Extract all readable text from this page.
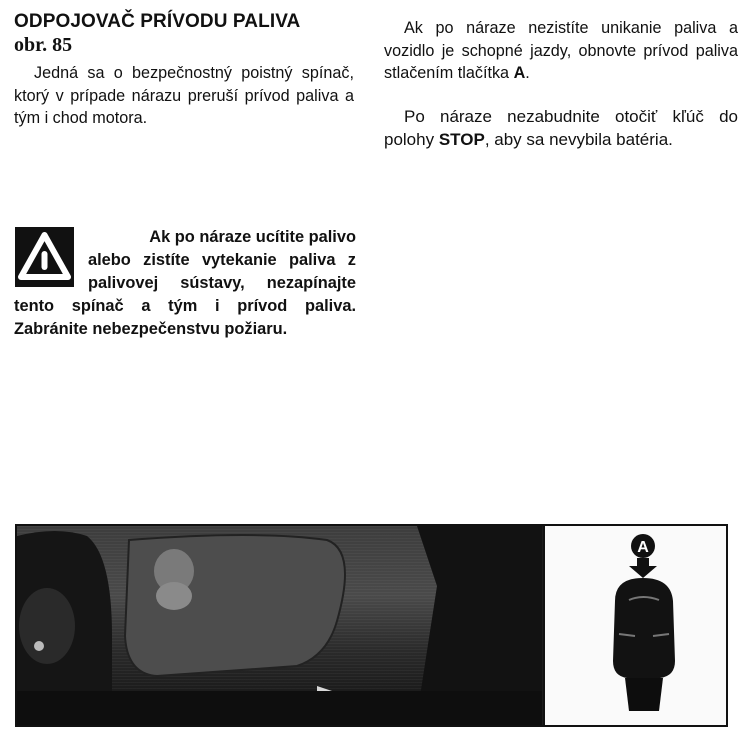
ODPOJOVAČ PRÍVODU PALIVA
obr. 85

Jedná sa o bezpečnostný poistný spínač, ktorý v prípade nárazu preruší prívod paliva a tým i chod motora.

Ak po náraze ucítite palivo
alebo zistíte vytekanie paliva z
palivovej sústavy, nezapínajte
tento spínač a tým i prívod paliva.
Zabránite nebezpečenstvu požiaru.

Ak po náraze nezistíte unikanie paliva a vozidlo je schopné jazdy, obnovte prívod paliva stlačením tlačítka A.

Po náraze nezabudnite otočiť kľúč do polohy STOP, aby sa nevybila batéria.

A
